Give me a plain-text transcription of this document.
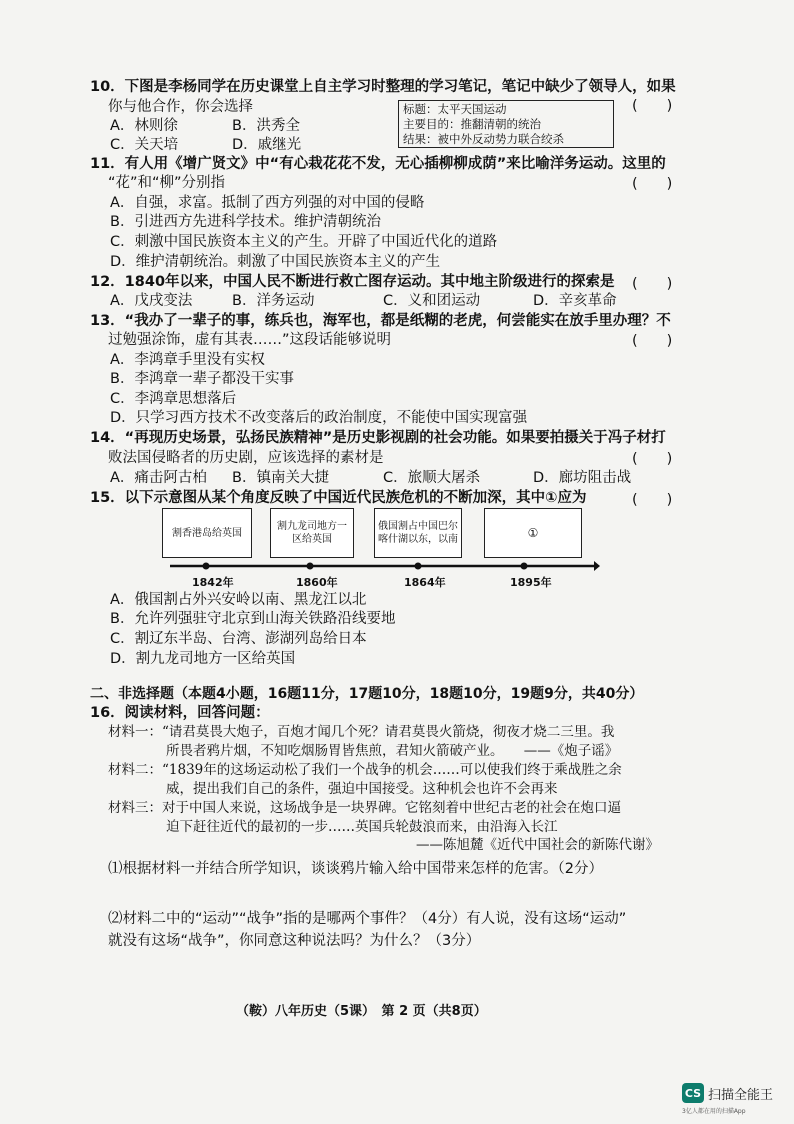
10．下图是李杨同学在历史课堂上自主学习时整理的学习笔记，笔记中缺少了领导人，如果
你与他合作，你会选择	(　　)
A．林则徐	B．洪秀全
C．关天培	D．戚继光
标题：太平天国运动
主要目的：推翻清朝的统治
结果：被中外反动势力联合绞杀
11．有人用《增广贤文》中“有心栽花花不发，无心插柳柳成荫”来比喻洋务运动。这里的
“花”和“柳”分别指	(　　)
A．自强，求富。抵制了西方列强的对中国的侵略
B．引进西方先进科学技术。维护清朝统治
C．刺激中国民族资本主义的产生。开辟了中国近代化的道路
D．维护清朝统治。刺激了中国民族资本主义的产生
12．1840年以来，中国人民不断进行救亡图存运动。其中地主阶级进行的探索是 (　　)
A．戊戌变法	B．洋务运动	C．义和团运动	D．辛亥革命
13．“我办了一辈子的事，练兵也，海军也，都是纸糊的老虎，何尝能实在放手里办理？不
过勉强涂饰，虚有其表……”这段话能够说明	(　　)
A．李鸿章手里没有实权
B．李鸿章一辈子都没干实事
C．李鸿章思想落后
D．只学习西方技术不改变落后的政治制度，不能使中国实现富强
14．“再现历史场景，弘扬民族精神”是历史影视剧的社会功能。如果要拍摄关于冯子材打
败法国侵略者的历史剧，应该选择的素材是	(　　)
A．痛击阿古柏 B．镇南关大捷	C．旅顺大屠杀	D．廊坊阻击战
15．以下示意图从某个角度反映了中国近代民族危机的不断加深，其中①应为	(　　)
割香港岛给英国
割九龙司地方一区给英国
俄国割占中国巴尔喀什湖以东，以南	①
1842年	1860年	1864年	1895年
A．俄国割占外兴安岭以南、黑龙江以北
B．允许列强驻守北京到山海关铁路沿线要地
C．割辽东半岛、台湾、澎湖列岛给日本
D．割九龙司地方一区给英国
二、非选择题（本题4小题，16题11分，17题10分，18题10分，19题9分，共40分）
16．阅读材料，回答问题：
材料一：“请君莫畏大炮子，百炮才闻几个死？请君莫畏火箭烧，彻夜才烧二三里。我
所畏者鸦片烟，不知吃烟肠胃皆焦煎，君知火箭破产业。　　——《炮子谣》
材料二：“1839年的这场运动松了我们一个战争的机会……可以使我们终于乘战胜之余
威，提出我们自己的条件，强迫中国接受。这种机会也许不会再来
材料三：对于中国人来说，这场战争是一块界碑。它铭刻着中世纪古老的社会在炮口逼
迫下赶往近代的最初的一步……英国兵轮鼓浪而来，由沿海入长江
——陈旭麓《近代中国社会的新陈代谢》
⑴根据材料一并结合所学知识，谈谈鸦片输入给中国带来怎样的危害。（2分）
⑵材料二中的“运动”“战争”指的是哪两个事件？（4分）有人说，没有这场“运动”
就没有这场“战争”，你同意这种说法吗？为什么？（3分）
（鞍）八年历史（5课）　第 2 页（共8页）
CS 扫描全能王
3亿人都在用的扫描App
